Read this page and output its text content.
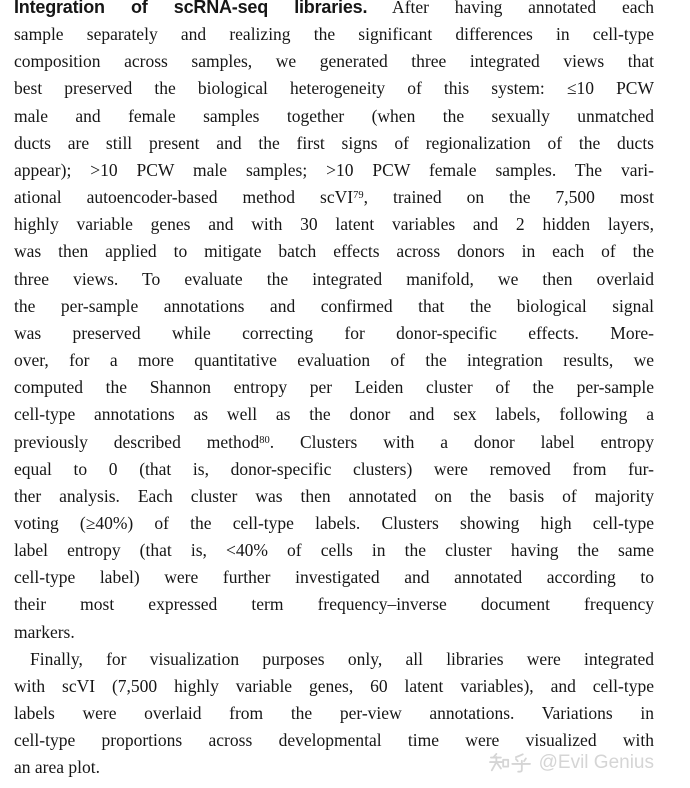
Integration of scRNA-seq libraries. After having annotated each
sample separately and realizing the significant differences in cell-type
composition across samples, we generated three integrated views that
best preserved the biological heterogeneity of this system: ≤10 PCW
male and female samples together (when the sexually unmatched
ducts are still present and the first signs of regionalization of the ducts
appear); >10 PCW male samples; >10 PCW female samples. The vari-
ational autoencoder-based method scVI$^{79}$, trained on the 7,500 most
highly variable genes and with 30 latent variables and 2 hidden layers,
was then applied to mitigate batch effects across donors in each of the
three views. To evaluate the integrated manifold, we then overlaid
the per-sample annotations and confirmed that the biological signal
was preserved while correcting for donor-specific effects. More-
over, for a more quantitative evaluation of the integration results, we
computed the Shannon entropy per Leiden cluster of the per-sample
cell-type annotations as well as the donor and sex labels, following a
previously described method$^{80}$. Clusters with a donor label entropy
equal to 0 (that is, donor-specific clusters) were removed from fur-
ther analysis. Each cluster was then annotated on the basis of majority
voting (≥40%) of the cell-type labels. Clusters showing high cell-type
label entropy (that is, <40% of cells in the cluster having the same
cell-type label) were further investigated and annotated according to
their most expressed term frequency–inverse document frequency
markers.
Finally, for visualization purposes only, all libraries were integrated
with scVI (7,500 highly variable genes, 60 latent variables), and cell-type
labels were overlaid from the per-view annotations. Variations in
cell-type proportions across developmental time were visualized with
an area plot.	@Evil Genius
